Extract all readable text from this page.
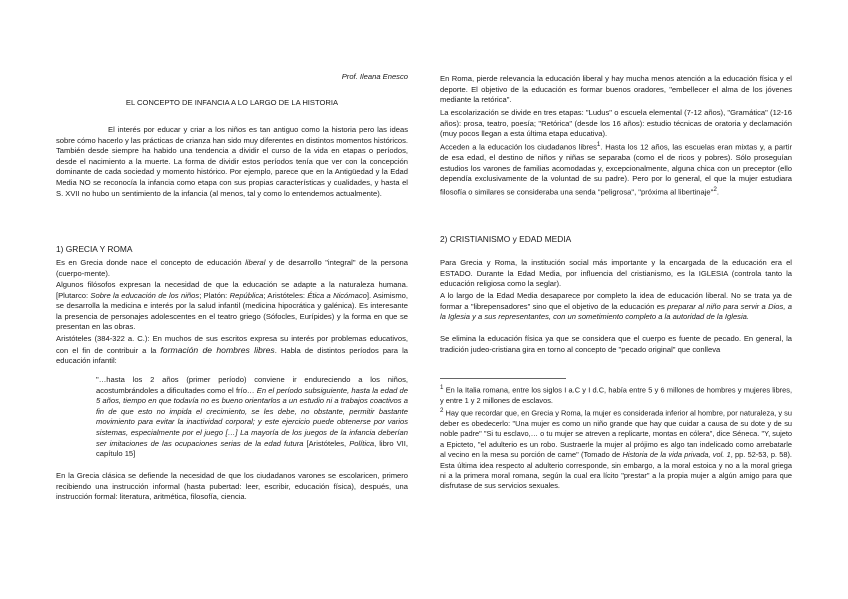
Prof. Ileana Enesco

EL CONCEPTO DE INFANCIA A LO LARGO DE LA HISTORIA

El interés por educar y criar a los niños es tan antiguo como la historia pero las ideas sobre cómo hacerlo y las prácticas de crianza han sido muy diferentes en distintos momentos históricos. También desde siempre ha habido una tendencia a dividir el curso de la vida en etapas o períodos, desde el nacimiento a la muerte. La forma de dividir estos períodos tenía que ver con la concepción dominante de cada sociedad y momento histórico. Por ejemplo, parece que en la Antigüedad y la Edad Media NO se reconocía la infancia como etapa con sus propias características y cualidades, y hasta el S. XVII no hubo un sentimiento de la infancia (al menos, tal y como lo entendemos actualmente).

1) GRECIA Y ROMA

Es en Grecia donde nace el concepto de educación liberal y de desarrollo "integral" de la persona (cuerpo-mente).

Algunos filósofos expresan la necesidad de que la educación se adapte a la naturaleza humana. [Plutarco: Sobre la educación de los niños; Platón: República; Aristóteles: Ética a Nicómaco]. Asimismo, se desarrolla la medicina e interés por la salud infantil (medicina hipocrática y galénica). Es interesante la presencia de personajes adolescentes en el teatro griego (Sófocles, Eurípides) y la forma en que se presentan en las obras.

Aristóteles (384-322 a. C.): En muchos de sus escritos expresa su interés por problemas educativos, con el fin de contribuir a la formación de hombres libres. Habla de distintos períodos para la educación infantil:

"…hasta los 2 años (primer período) conviene ir endureciendo a los niños, acostumbrándoles a dificultades como el frío… En el período subsiguiente, hasta la edad de 5 años, tiempo en que todavía no es bueno orientarlos a un estudio ni a trabajos coactivos a fin de que esto no impida el crecimiento, se les debe, no obstante, permitir bastante movimiento para evitar la inactividad corporal; y este ejercicio puede obtenerse por varios sistemas, especialmente por el juego […] La mayoría de los juegos de la infancia deberían ser imitaciones de las ocupaciones serias de la edad futura [Aristóteles, Política, libro VII, capítulo 15]

En la Grecia clásica se defiende la necesidad de que los ciudadanos varones se escolaricen, primero recibiendo una instrucción informal (hasta pubertad: leer, escribir, educación física), después, una instrucción formal: literatura, aritmética, filosofía, ciencia.

En Roma, pierde relevancia la educación liberal y hay mucha menos atención a la educación física y el deporte. El objetivo de la educación es formar buenos oradores, "embellecer el alma de los jóvenes mediante la retórica".

La escolarización se divide en tres etapas: "Ludus" o escuela elemental (7-12 años), "Gramática" (12-16 años): prosa, teatro, poesía; "Retórica" (desde los 16 años): estudio técnicas de oratoria y declamación (muy pocos llegan a esta última etapa educativa).

Acceden a la educación los ciudadanos libres$^1$. Hasta los 12 años, las escuelas eran mixtas y, a partir de esa edad, el destino de niños y niñas se separaba (como el de ricos y pobres). Sólo proseguían estudios los varones de familias acomodadas y, excepcionalmente, alguna chica con un preceptor (ello dependía exclusivamente de la voluntad de su padre). Pero por lo general, el que la mujer estudiara filosofía o similares se consideraba una senda "peligrosa", "próxima al libertinaje"$^2$.

2) CRISTIANISMO y EDAD MEDIA

Para Grecia y Roma, la institución social más importante y la encargada de la educación era el ESTADO. Durante la Edad Media, por influencia del cristianismo, es la IGLESIA (controla tanto la educación religiosa como la seglar).

A lo largo de la Edad Media desaparece por completo la idea de educación liberal. No se trata ya de formar a "librepensadores" sino que el objetivo de la educación es preparar al niño para servir a Dios, a la Iglesia y a sus representantes, con un sometimiento completo a la autoridad de la Iglesia.

Se elimina la educación física ya que se considera que el cuerpo es fuente de pecado. En general, la tradición judeo-cristiana gira en torno al concepto de "pecado original" que conlleva

$^1$ En la Italia romana, entre los siglos I a.C y I d.C, había entre 5 y 6 millones de hombres y mujeres libres, y entre 1 y 2 millones de esclavos.

$^2$ Hay que recordar que, en Grecia y Roma, la mujer es considerada inferior al hombre, por naturaleza, y su deber es obedecerlo: "Una mujer es como un niño grande que hay que cuidar a causa de su dote y de su noble padre" "Si tu esclavo,… o tu mujer se atreven a replicarte, montas en cólera", dice Séneca. "Y, sujeto a Epicteto, "el adulterio es un robo. Sustraerle la mujer al prójimo es algo tan indelicado como arrebatarle al vecino en la mesa su porción de carne" (Tomado de Historia de la vida privada, vol. 1, pp. 52-53, p. 58). Esta última idea respecto al adulterio corresponde, sin embargo, a la moral estoica y no a la moral griega ni a la primera moral romana, según la cual era lícito "prestar" a la propia mujer a algún amigo para que disfrutase de sus servicios sexuales.
